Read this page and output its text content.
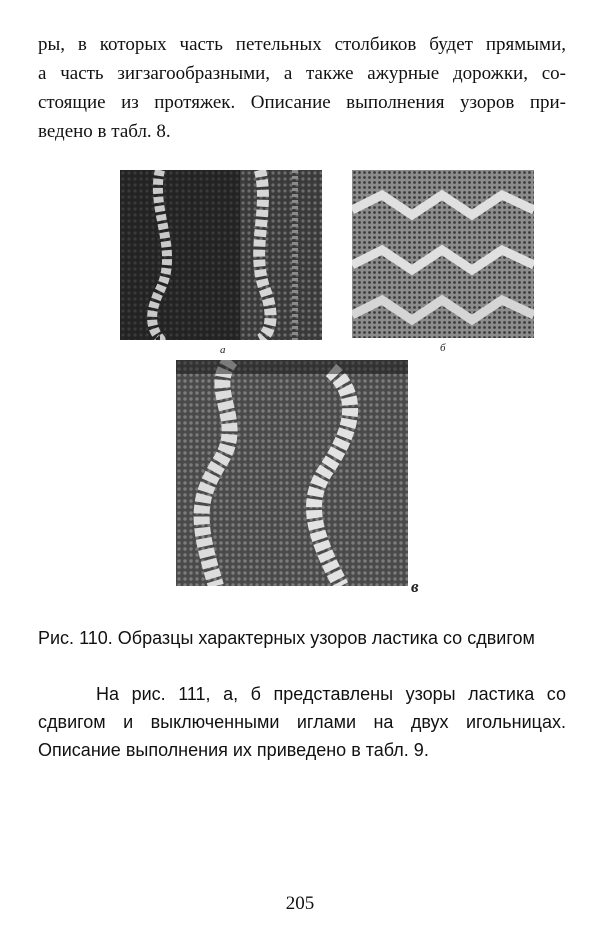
ры, в которых часть петельных столбиков будет прямыми,
а часть зигзагообразными, а также ажурные дорожки, со-
стоящие из протяжек. Описание выполнения узоров при-
ведено в табл. 8.
а	б
в
Рис. 110. Образцы характерных узоров ластика со сдвигом
На рис. 111, а, б представлены узоры ластика со
сдвигом и выключенными иглами на двух игольницах.
Описание выполнения их приведено в табл. 9.
205
